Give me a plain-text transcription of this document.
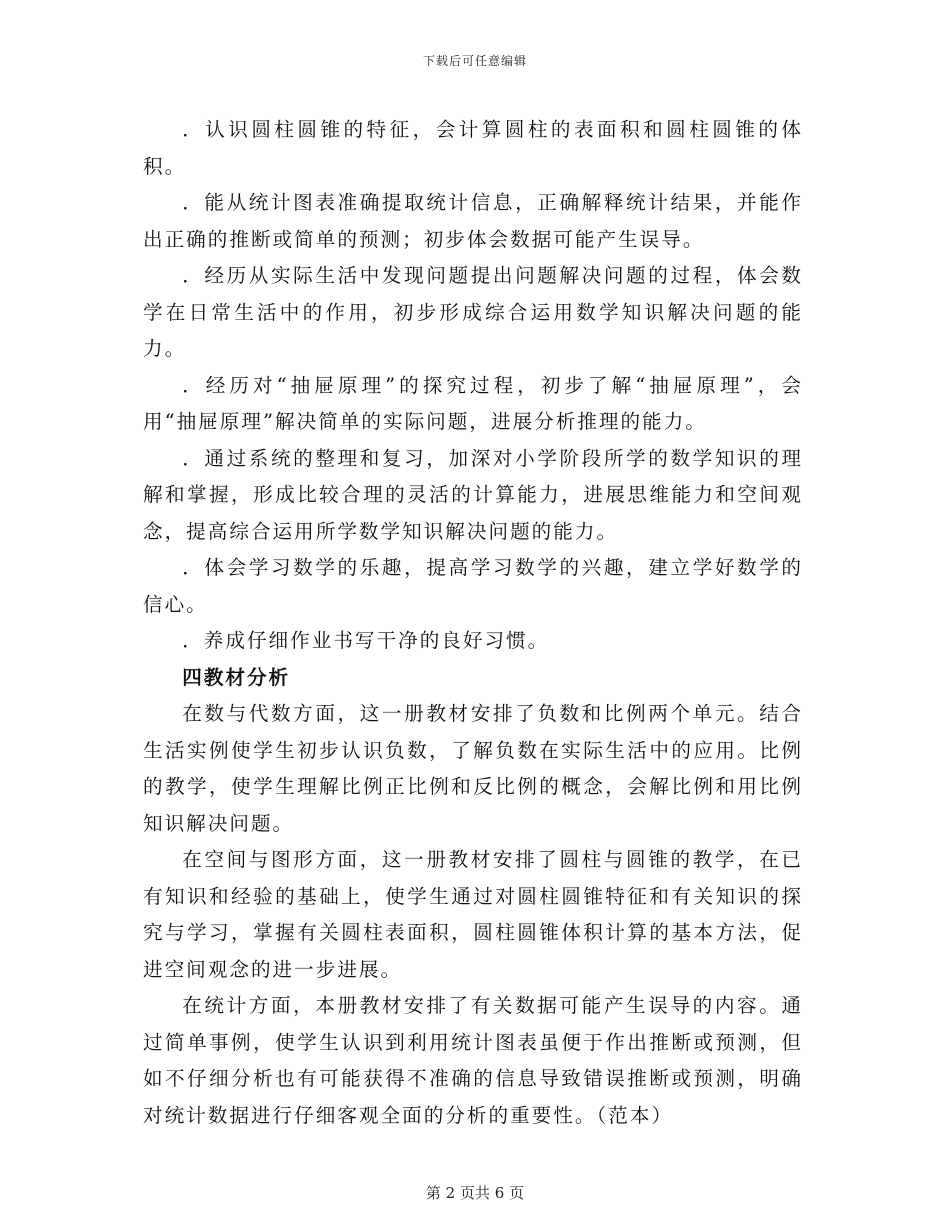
下载后可任意编辑

．认识圆柱圆锥的特征，会计算圆柱的表面积和圆柱圆锥的体积。

．能从统计图表准确提取统计信息，正确解释统计结果，并能作出正确的推断或简单的预测；初步体会数据可能产生误导。

．经历从实际生活中发现问题提出问题解决问题的过程，体会数学在日常生活中的作用，初步形成综合运用数学知识解决问题的能力。

．经历对“抽屉原理”的探究过程，初步了解“抽屉原理”，会用“抽屉原理”解决简单的实际问题，进展分析推理的能力。

．通过系统的整理和复习，加深对小学阶段所学的数学知识的理解和掌握，形成比较合理的灵活的计算能力，进展思维能力和空间观念，提高综合运用所学数学知识解决问题的能力。

．体会学习数学的乐趣，提高学习数学的兴趣，建立学好数学的信心。

．养成仔细作业书写干净的良好习惯。

四教材分析

在数与代数方面，这一册教材安排了负数和比例两个单元。结合生活实例使学生初步认识负数，了解负数在实际生活中的应用。比例的教学，使学生理解比例正比例和反比例的概念，会解比例和用比例知识解决问题。

在空间与图形方面，这一册教材安排了圆柱与圆锥的教学，在已有知识和经验的基础上，使学生通过对圆柱圆锥特征和有关知识的探究与学习，掌握有关圆柱表面积，圆柱圆锥体积计算的基本方法，促进空间观念的进一步进展。

在统计方面，本册教材安排了有关数据可能产生误导的内容。通过简单事例，使学生认识到利用统计图表虽便于作出推断或预测，但如不仔细分析也有可能获得不准确的信息导致错误推断或预测，明确对统计数据进行仔细客观全面的分析的重要性。（范本）

第 2 页共 6 页
